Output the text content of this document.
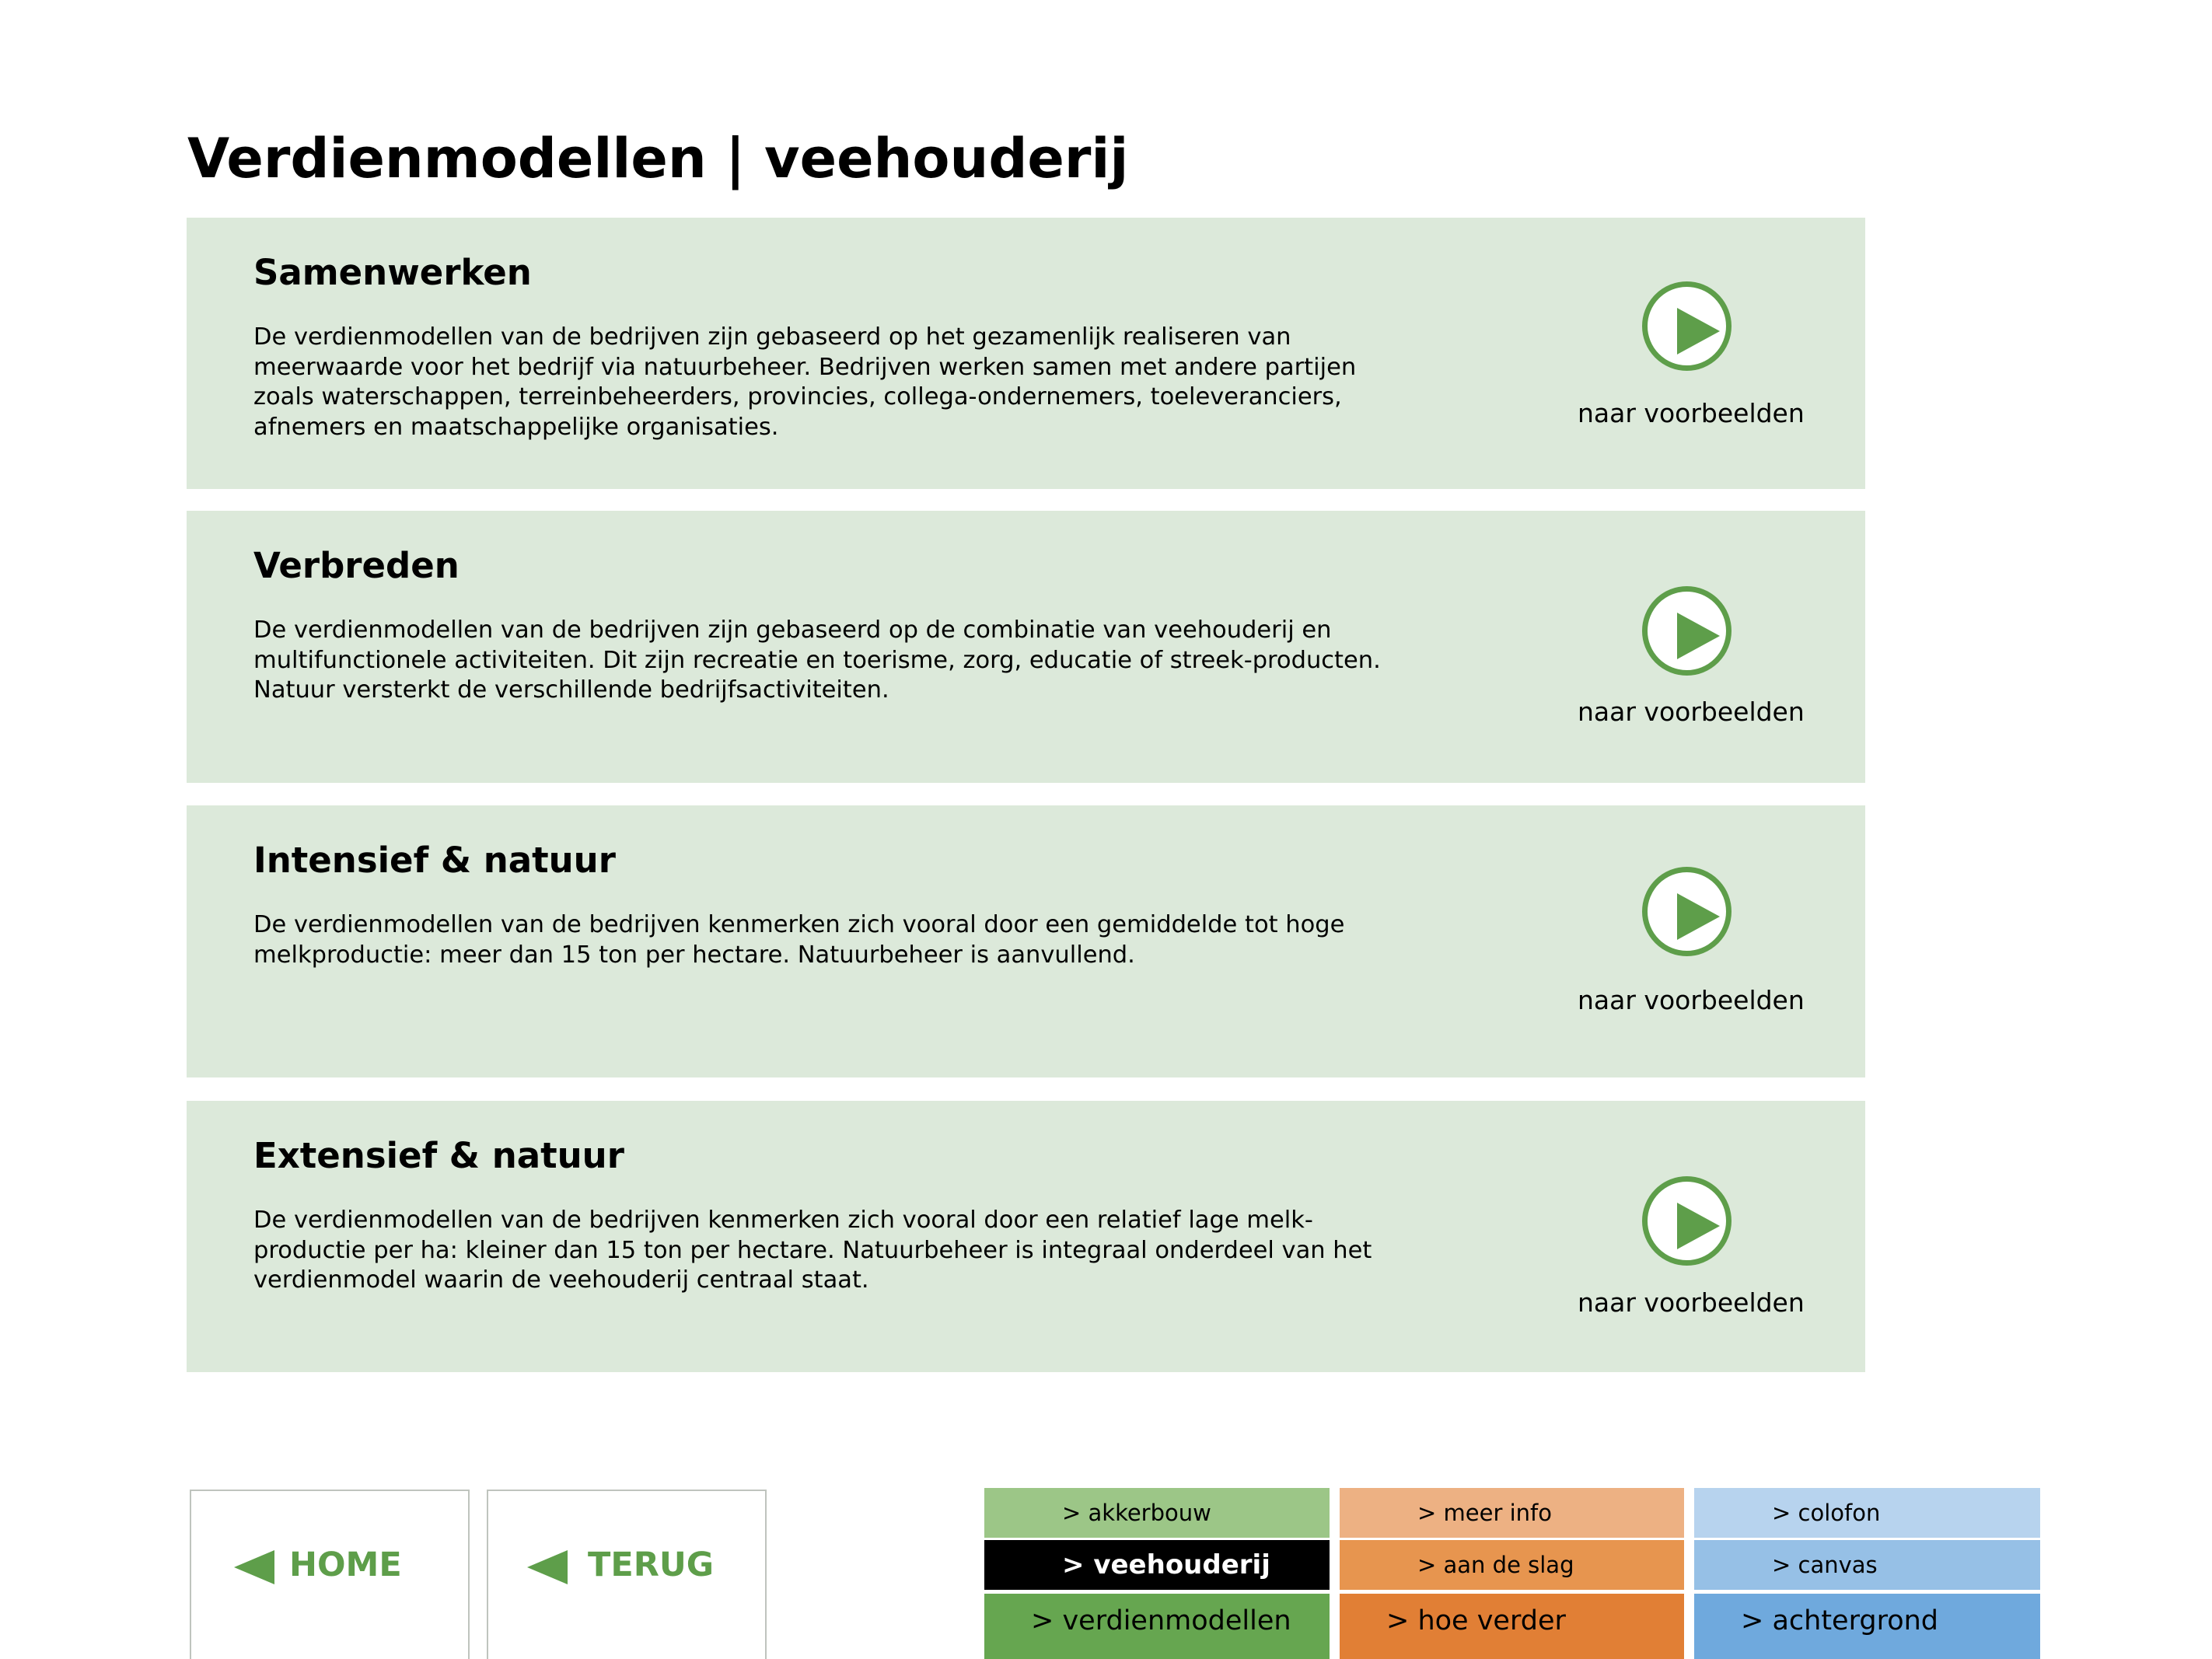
Verdienmodellen | veehouderij
Samenwerken

De verdienmodellen van de bedrijven zijn gebaseerd op het gezamenlijk realiseren van meerwaarde voor het bedrijf via natuurbeheer. Bedrijven werken samen met andere partijen zoals waterschappen, terreinbeheerders, provincies, collega-ondernemers, toeleveranciers, afnemers en maatschappelijke organisaties.	naar voorbeelden
Verbreden

De verdienmodellen van de bedrijven zijn gebaseerd op de combinatie van veehouderij en multifunctionele activiteiten. Dit zijn recreatie en toerisme, zorg, educatie of streek-producten. Natuur versterkt de verschillende bedrijfsactiviteiten.

naar voorbeelden
Intensief & natuur

De verdienmodellen van de bedrijven kenmerken zich vooral door een gemiddelde tot hoge melkproductie: meer dan 15 ton per hectare. Natuurbeheer is aanvullend.

naar voorbeelden
Extensief & natuur

De verdienmodellen van de bedrijven kenmerken zich vooral door een relatief lage melk-productie per ha: kleiner dan 15 ton per hectare. Natuurbeheer is integraal onderdeel van het verdienmodel waarin de veehouderij centraal staat.

naar voorbeelden
HOME	TERUG
> akkerbouw
> veehouderij
> verdienmodellen
> meer info
> aan de slag
> hoe verder
> colofon
> canvas
> achtergrond
